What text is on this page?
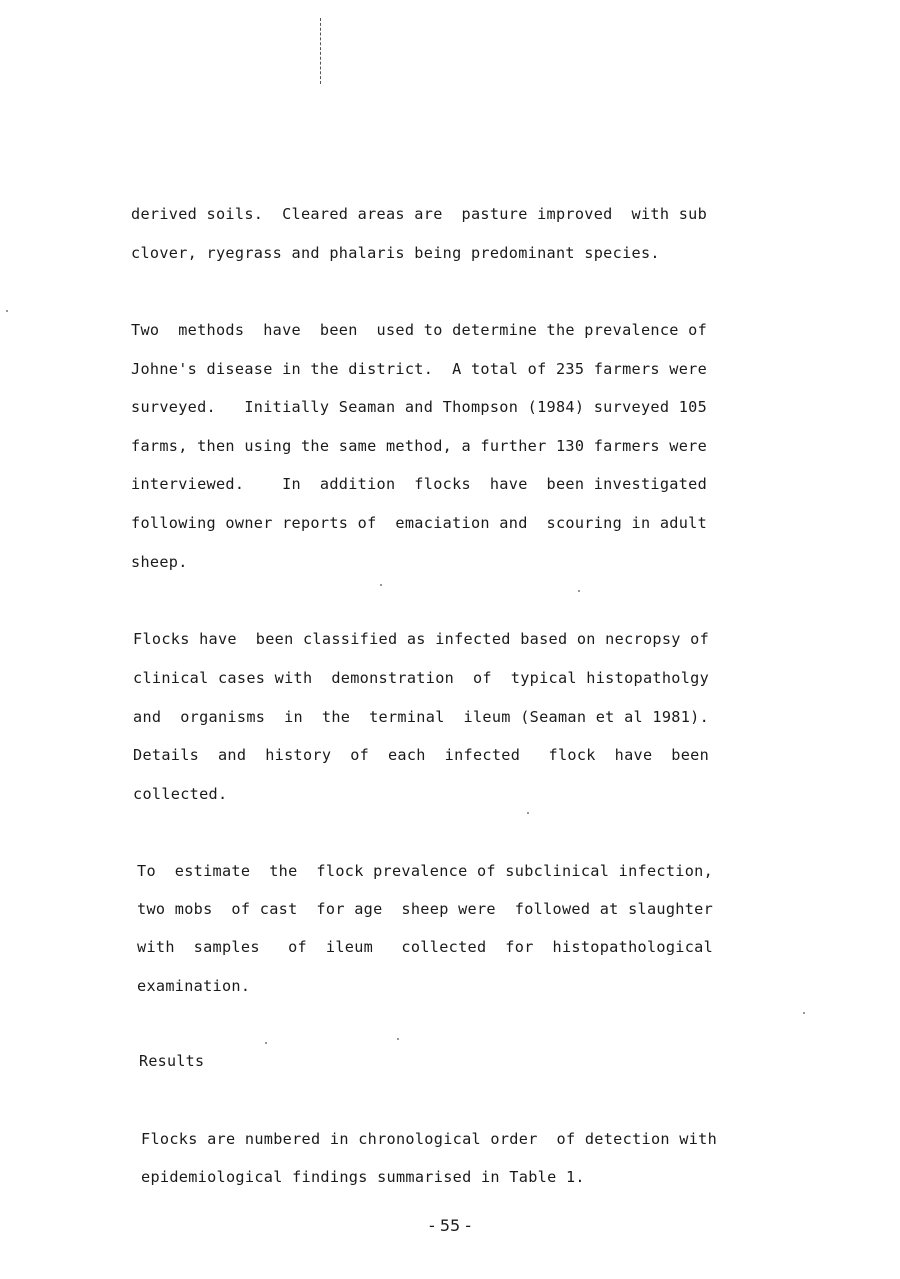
derived soils.  Cleared areas are  pasture improved  with sub
clover, ryegrass and phalaris being predominant species.
Two  methods  have  been  used to determine the prevalence of
Johne's disease in the district.  A total of 235 farmers were
surveyed.   Initially Seaman and Thompson (1984) surveyed 105
farms, then using the same method, a further 130 farmers were
interviewed.    In  addition  flocks  have  been investigated
following owner reports of  emaciation and  scouring in adult
sheep.
Flocks have  been classified as infected based on necropsy of
clinical cases with  demonstration  of  typical histopatholgy
and  organisms  in  the  terminal  ileum (Seaman et al 1981).
Details  and  history  of  each  infected   flock  have  been
collected.
To  estimate  the  flock prevalence of subclinical infection,
two mobs  of cast  for age  sheep were  followed at slaughter
with  samples   of  ileum   collected  for  histopathological
examination.
Results
Flocks are numbered in chronological order  of detection with
epidemiological findings summarised in Table 1.
- 55 -
